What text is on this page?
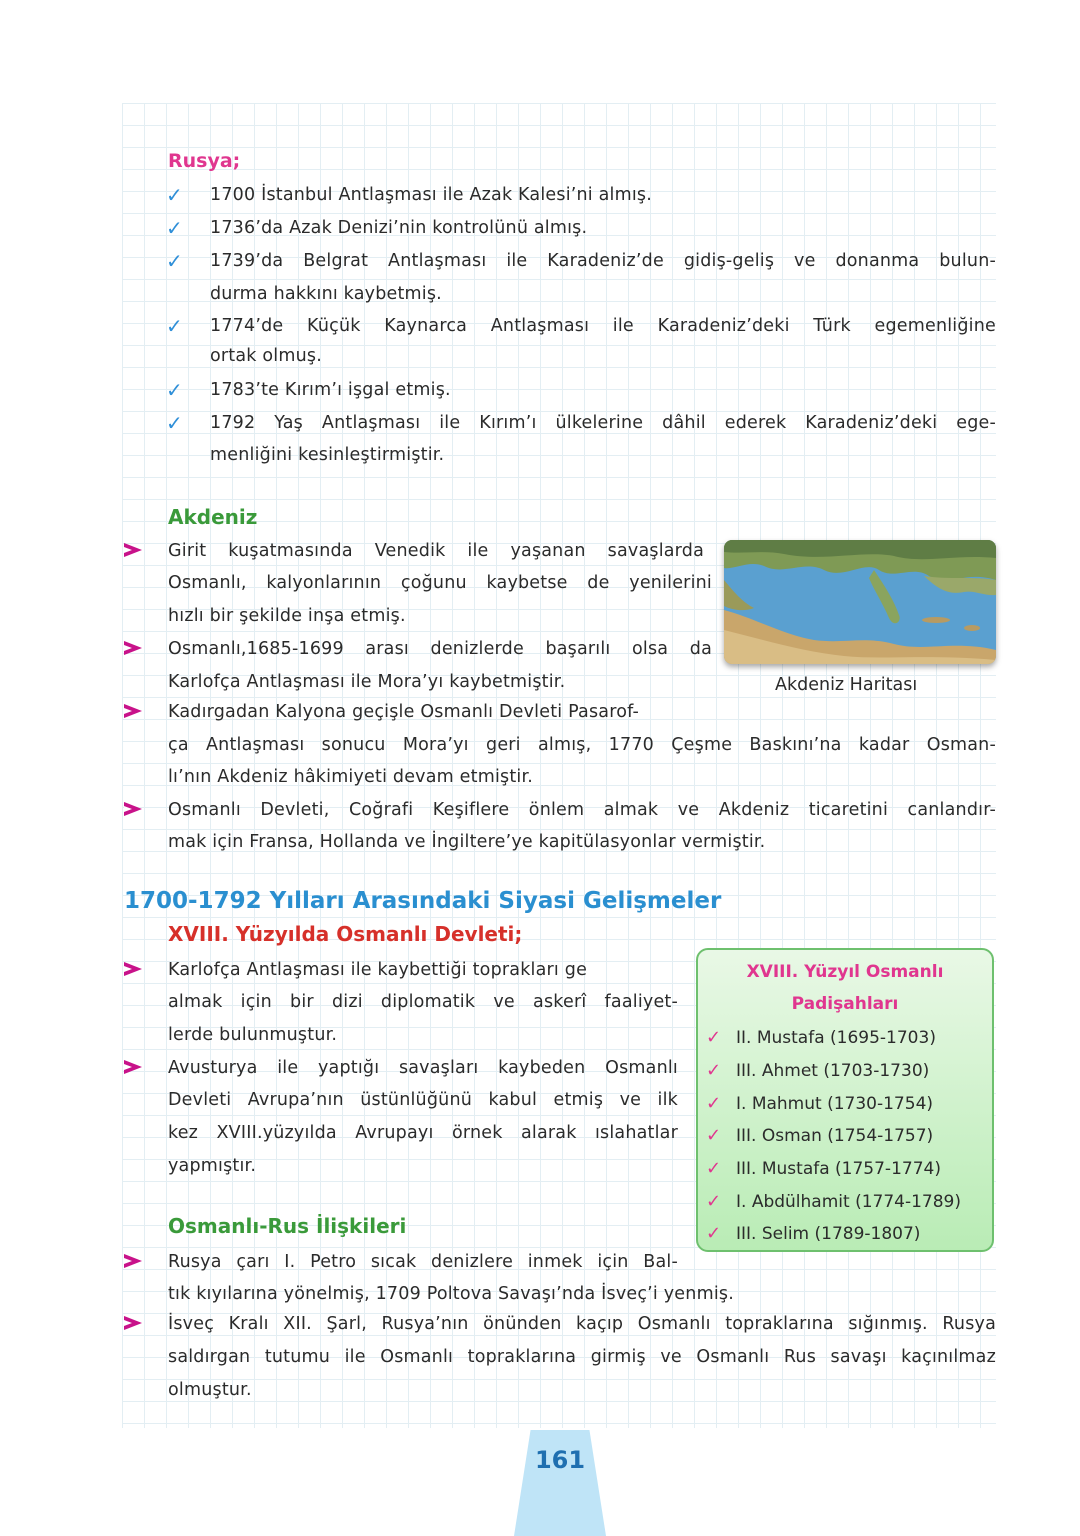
Rusya;
✓ 1700 İstanbul Antlaşması ile Azak Kalesi’ni almış.
✓ 1736’da Azak Denizi’nin kontrolünü almış.
✓ 1739’da Belgrat Antlaşması ile Karadeniz’de gidiş-geliş ve donanma bulun-
durma hakkını kaybetmiş.
✓ 1774’de Küçük Kaynarca Antlaşması ile Karadeniz’deki Türk egemenliğine
ortak olmuş.
✓ 1783’te Kırım’ı işgal etmiş.
✓ 1792 Yaş Antlaşması ile Kırım’ı ülkelerine dâhil ederek Karadeniz’deki ege-
menliğini kesinleştirmiştir.
Akdeniz
Girit kuşatmasında Venedik ile yaşanan savaşlarda
Osmanlı, kalyonlarının çoğunu kaybetse de yenilerini
hızlı bir şekilde inşa etmiş.
Osmanlı,1685-1699 arası denizlerde başarılı olsa da
Karlofça Antlaşması ile Mora’yı kaybetmiştir.
Kadırgadan Kalyona geçişle Osmanlı Devleti Pasarof-
ça Antlaşması sonucu Mora’yı geri almış, 1770 Çeşme Baskını’na kadar Osman-
lı’nın Akdeniz hâkimiyeti devam etmiştir.
Osmanlı Devleti, Coğrafi Keşiflere önlem almak ve Akdeniz ticaretini canlandır-
mak için Fransa, Hollanda ve İngiltere’ye kapitülasyonlar vermiştir.
Akdeniz Haritası
1700-1792 Yılları Arasındaki Siyasi Gelişmeler
XVIII. Yüzyılda Osmanlı Devleti;
Karlofça Antlaşması ile kaybettiği toprakları ge
almak için bir dizi diplomatik ve askerî faaliyet-
lerde bulunmuştur.
Avusturya ile yaptığı savaşları kaybeden Osmanlı
Devleti Avrupa’nın üstünlüğünü kabul etmiş ve ilk
kez XVIII.yüzyılda Avrupayı örnek alarak ıslahatlar
yapmıştır.
XVIII. Yüzyıl Osmanlı
Padişahları
✓ II. Mustafa (1695-1703)
✓ III. Ahmet (1703-1730)
✓ I. Mahmut (1730-1754)
✓ III. Osman (1754-1757)
✓ III. Mustafa (1757-1774)
✓ I. Abdülhamit (1774-1789)
✓ III. Selim (1789-1807)
Osmanlı-Rus İlişkileri
Rusya çarı I. Petro sıcak denizlere inmek için Bal-
tık kıyılarına yönelmiş, 1709 Poltova Savaşı’nda İsveç’i yenmiş.
İsveç Kralı XII. Şarl, Rusya’nın önünden kaçıp Osmanlı topraklarına sığınmış. Rusya
saldırgan tutumu ile Osmanlı topraklarına girmiş ve Osmanlı Rus savaşı kaçınılmaz
olmuştur.
161
